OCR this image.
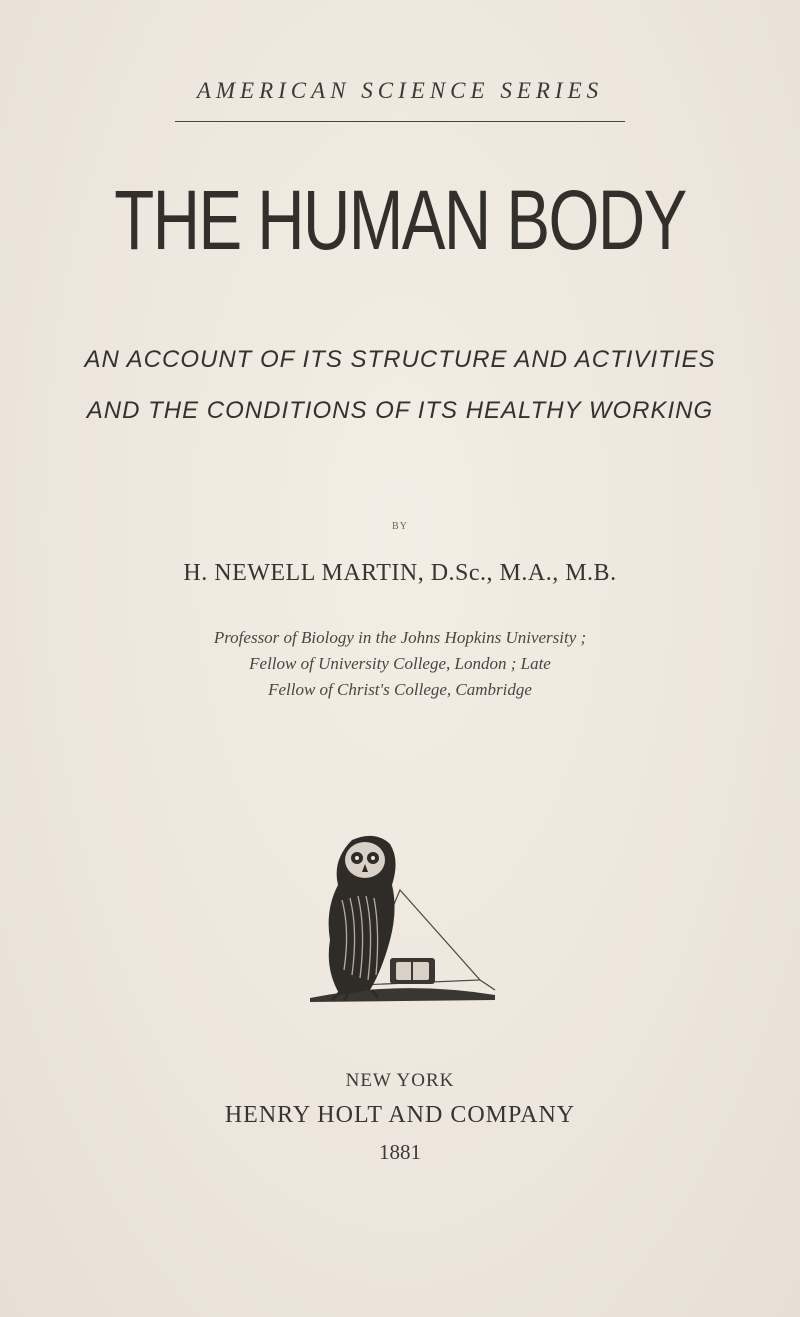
AMERICAN SCIENCE SERIES
THE HUMAN BODY
AN ACCOUNT OF ITS STRUCTURE AND ACTIVITIES
AND THE CONDITIONS OF ITS HEALTHY WORKING
BY
H. NEWELL MARTIN, D.Sc., M.A., M.B.
Professor of Biology in the Johns Hopkins University ;
Fellow of University College, London ; Late
Fellow of Christ's College, Cambridge
NEW YORK
HENRY HOLT AND COMPANY
1881
